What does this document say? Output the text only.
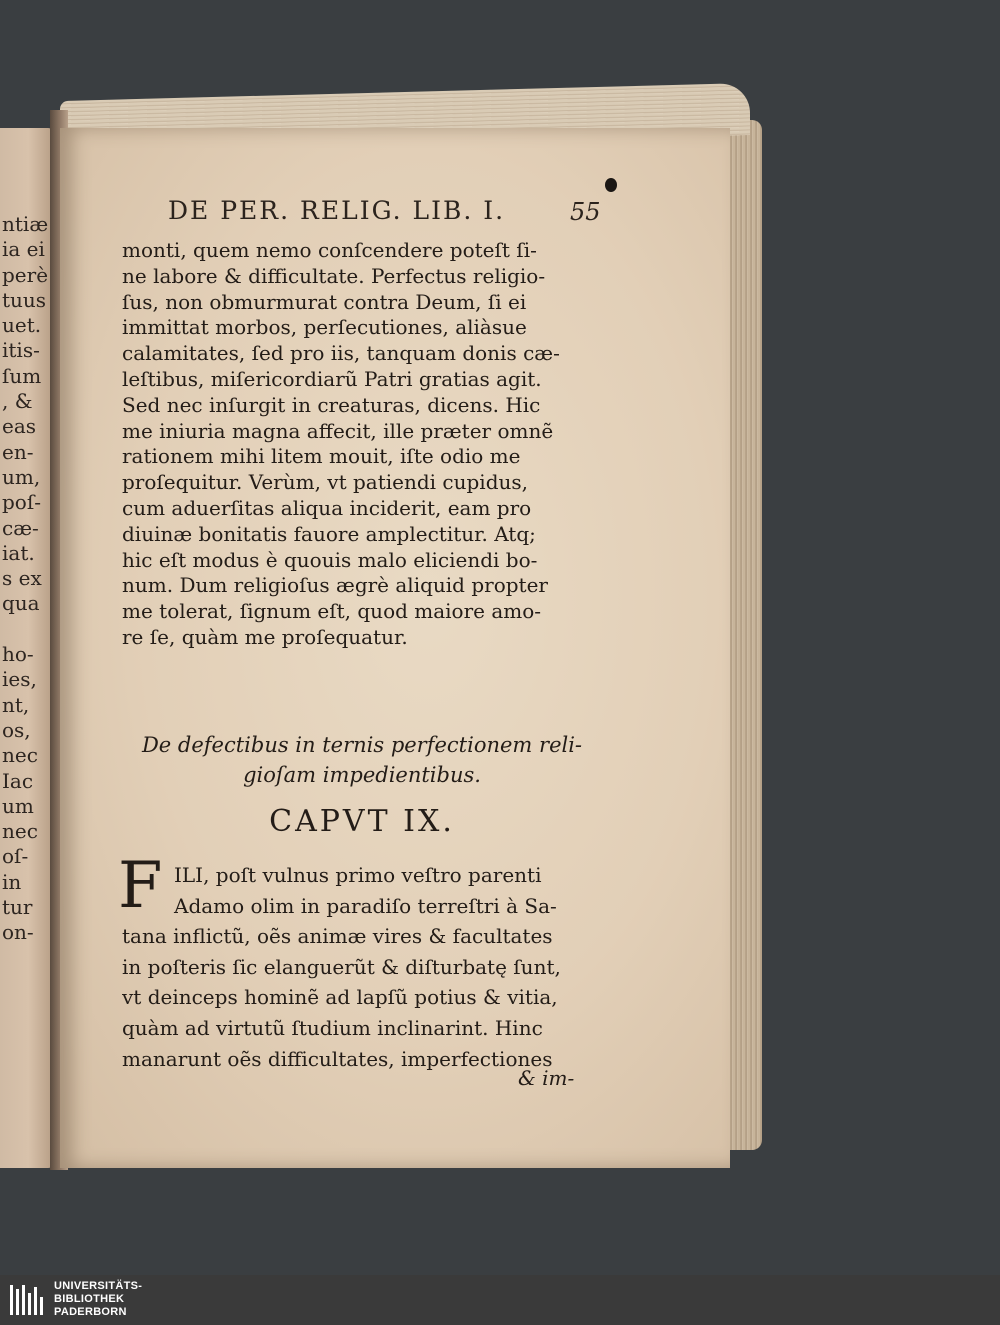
ntiæ
ia ei
perè
tuus
uet.
itis-
ſum
, &
eas
en-
um,
poſ-
cæ-
iat.
s ex
qua

ho-
ies,
nt,
os,
nec
Iac
um
nec
oſ-
in
tur
on-
DE PER. RELIG. LIB. I.	55
monti, quem nemo conſcendere poteſt ſi-
ne labore & difficultate. Perfectus religio-
ſus, non obmurmurat contra Deum, ſi ei
immittat morbos, perſecutiones, aliàsue
calamitates, ſed pro iis, tanquam donis cæ-
leſtibus, miſericordiarũ Patri gratias agit.
Sed nec inſurgit in creaturas, dicens. Hic
me iniuria magna affecit, ille præter omnẽ
rationem mihi litem mouit, iſte odio me
proſequitur. Verùm, vt patiendi cupidus,
cum aduerſitas aliqua inciderit, eam pro
diuinæ bonitatis fauore amplectitur. Atq;
hic eſt modus è quouis malo eliciendi bo-
num. Dum religioſus ægrè aliquid propter
me tolerat, ſignum eſt, quod maiore amo-
re ſe, quàm me proſequatur.
De defectibus in ternis perfectionem reli-
gioſam impedientibus.
CAPVT IX.
F ILI, poſt vulnus primo veſtro parenti
Adamo olim in paradiſo terreſtri à Sa-
tana inflictũ, oẽs animæ vires & facultates
in poſteris ſic elanguerũt & diſturbatę ſunt,
vt deinceps hominẽ ad lapſũ potius & vitia,
quàm ad virtutũ ſtudium inclinarint. Hinc
manarunt oẽs difficultates, imperfectiones
& im-
UNIVERSITÄTS-
BIBLIOTHEK
PADERBORN
